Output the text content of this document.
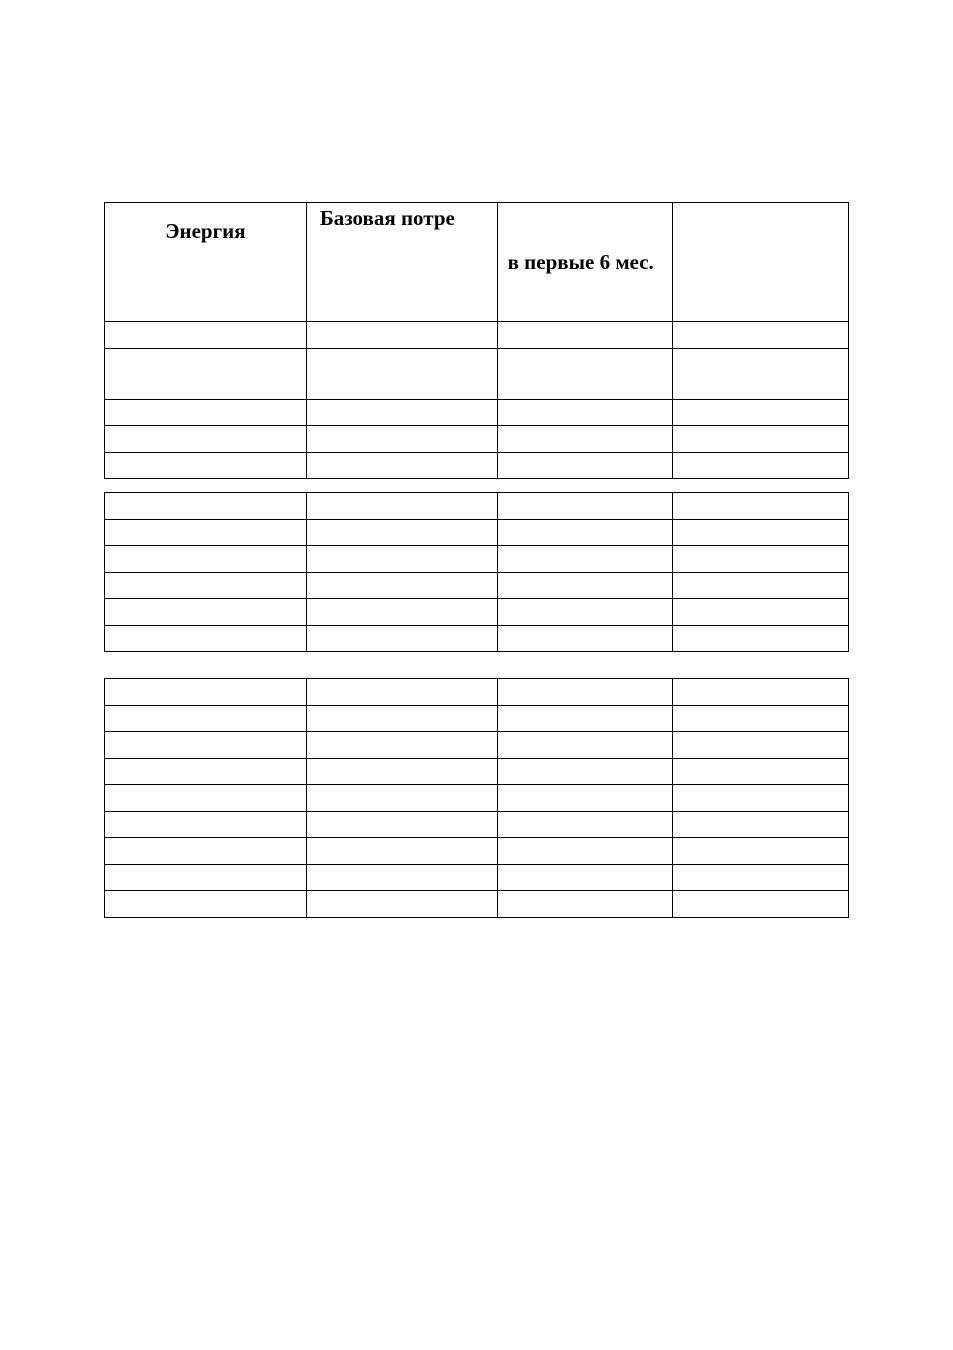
Энергия	Базовая потре	в первые 6 мес.	
